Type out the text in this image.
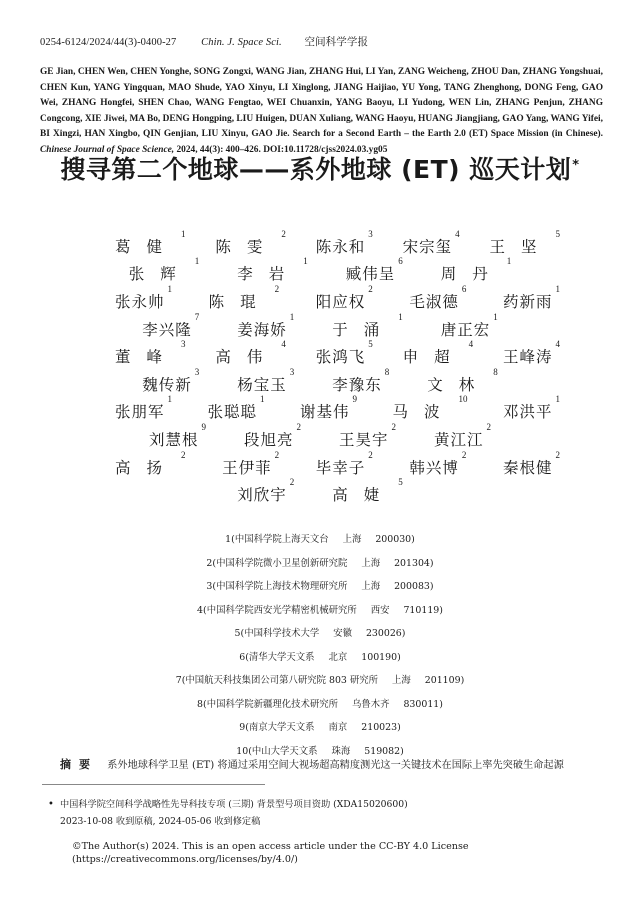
0254-6124/2024/44(3)-0400-27 Chin. J. Space Sci. 空间科学学报
GE Jian, CHEN Wen, CHEN Yonghe, SONG Zongxi, WANG Jian, ZHANG Hui, LI Yan, ZANG Weicheng, ZHOU Dan, ZHANG Yongshuai, CHEN Kun, YANG Yingquan, MAO Shude, YAO Xinyu, LI Xinglong, JIANG Haijiao, YU Yong, TANG Zhenghong, DONG Feng, GAO Wei, ZHANG Hongfei, SHEN Chao, WANG Fengtao, WEI Chuanxin, YANG Baoyu, LI Yudong, WEN Lin, ZHANG Penjun, ZHANG Congcong, XIE Jiwei, MA Bo, DENG Hongping, LIU Huigen, DUAN Xuliang, WANG Haoyu, HUANG Jiangjiang, GAO Yang, WANG Yifei, BI Xingzi, HAN Xingbo, QIN Genjian, LIU Xinyu, GAO Jie. Search for a Second Earth – the Earth 2.0 (ET) Space Mission (in Chinese). Chinese Journal of Space Science, 2024, 44(3): 400–426. DOI:10.11728/cjss2024.03.yg05
搜寻第二个地球——系外地球 (ET) 巡天计划*
葛健
1
陈雯
2
陈永和
3
宋宗玺
4
王坚
5
张辉
1
李岩
1
臧伟呈
6
周丹
1
张永帅
1
陈琨
2
阳应权
2
毛淑德
6
药新雨
1
李兴隆
7
姜海娇
1
于涌
1
唐正宏
1
董峰
3
高伟
4
张鸿飞
5
申超
4
王峰涛
4
魏传新
3
杨宝玉
3
李豫东
8
文林
8
张朋军
1
张聪聪
1
谢基伟
9
马波
10
邓洪平
1
刘慧根
9
段旭亮
2
王昊宇
2
黄江江
2
高扬
2
王伊菲
2
毕幸子
2
韩兴博
2
秦根健
2
刘欣宇
2
高婕
5
1(中国科学院上海天文台 上海 200030)
2(中国科学院微小卫星创新研究院 上海 201304)
3(中国科学院上海技术物理研究所 上海 200083)
4(中国科学院西安光学精密机械研究所 西安 710119)
5(中国科学技术大学 安徽 230026)
6(清华大学天文系 北京 100190)
7(中国航天科技集团公司第八研究院 803 研究所 上海 201109)
8(中国科学院新疆理化技术研究所 乌鲁木齐 830011)
9(南京大学天文系 南京 210023)
10(中山大学天文系 珠海 519082)
摘要 系外地球科学卫星 (ET) 将通过采用空间大视场超高精度测光这一关键技术在国际上率先突破生命起源
• 中国科学院空间科学战略性先导科技专项 (三期) 背景型号项目资助 (XDA15020600)
2023-10-08 收到原稿, 2024-05-06 收到修定稿
©The Author(s) 2024. This is an open access article under the CC-BY 4.0 License
(https://creativecommons.org/licenses/by/4.0/)
